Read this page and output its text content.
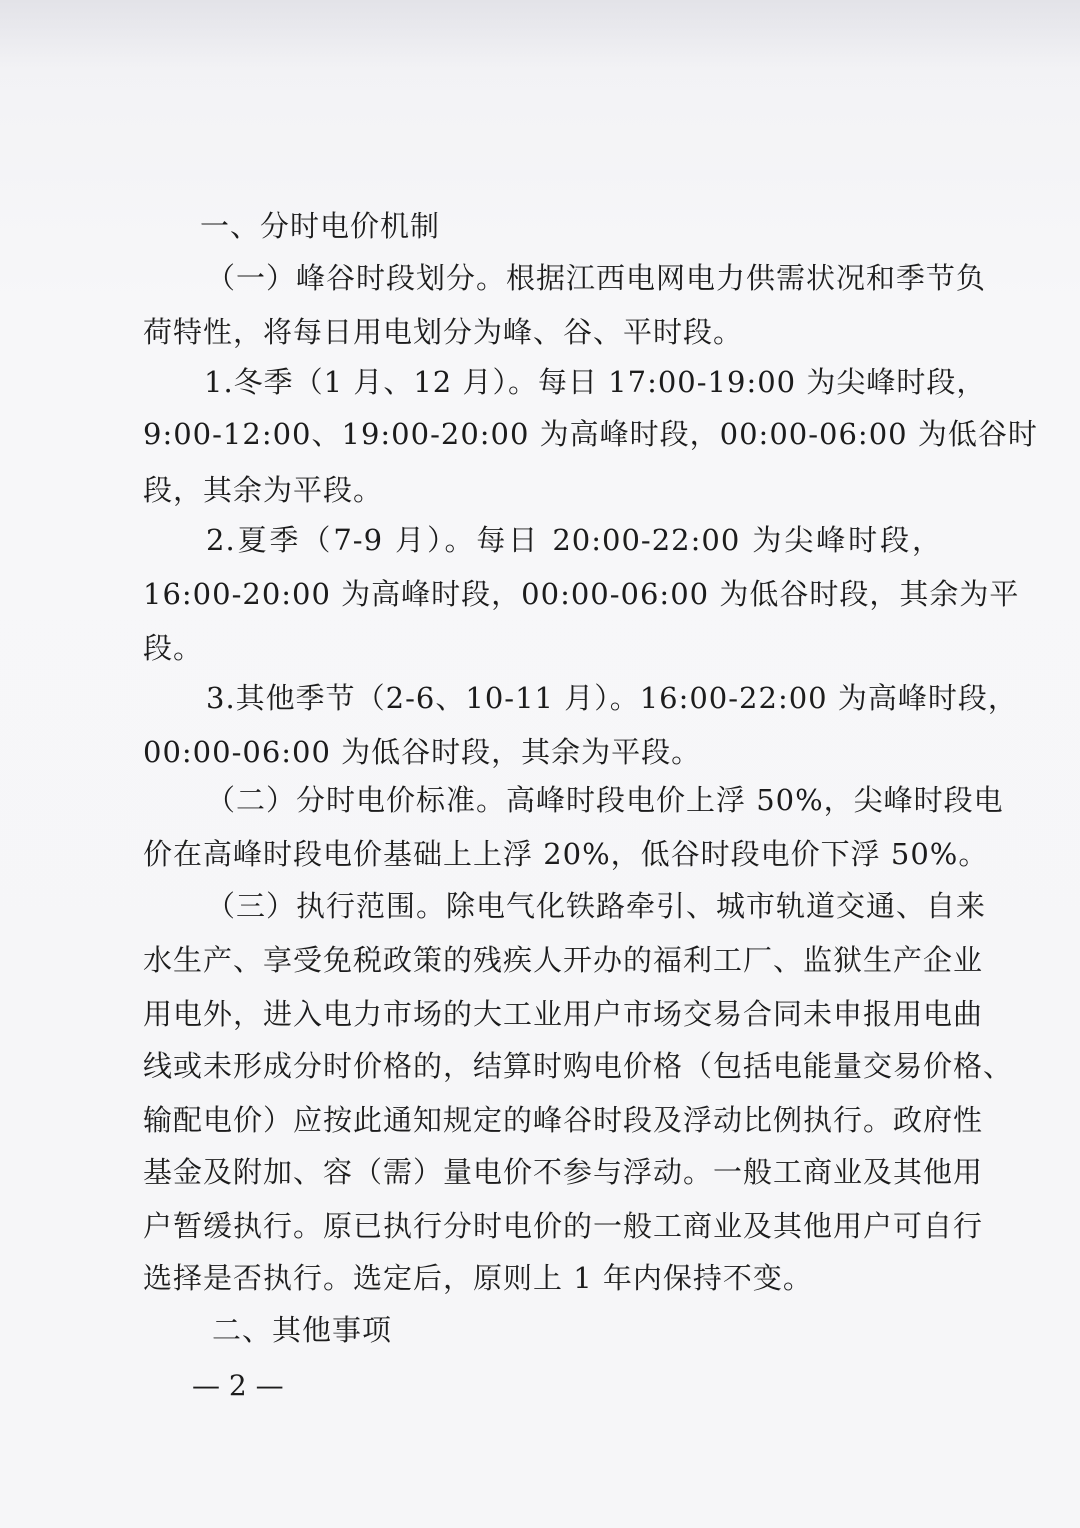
一、分时电价机制
（一）峰谷时段划分。根据江西电网电力供需状况和季节负
荷特性，将每日用电划分为峰、谷、平时段。
1.冬季（1 月、12 月）。每日 17:00-19:00 为尖峰时段，
9:00-12:00、19:00-20:00 为高峰时段，00:00-06:00 为低谷时
段，其余为平段。
2.夏季（7-9 月）。每日 20:00-22:00 为尖峰时段，
16:00-20:00 为高峰时段，00:00-06:00 为低谷时段，其余为平
段。
3.其他季节（2-6、10-11 月）。16:00-22:00 为高峰时段，
00:00-06:00 为低谷时段，其余为平段。
（二）分时电价标准。高峰时段电价上浮 50%，尖峰时段电
价在高峰时段电价基础上上浮 20%，低谷时段电价下浮 50%。
（三）执行范围。除电气化铁路牵引、城市轨道交通、自来
水生产、享受免税政策的残疾人开办的福利工厂、监狱生产企业
用电外，进入电力市场的大工业用户市场交易合同未申报用电曲
线或未形成分时价格的，结算时购电价格（包括电能量交易价格、
输配电价）应按此通知规定的峰谷时段及浮动比例执行。政府性
基金及附加、容（需）量电价不参与浮动。一般工商业及其他用
户暂缓执行。原已执行分时电价的一般工商业及其他用户可自行
选择是否执行。选定后，原则上 1 年内保持不变。
二、其他事项
— 2 —
